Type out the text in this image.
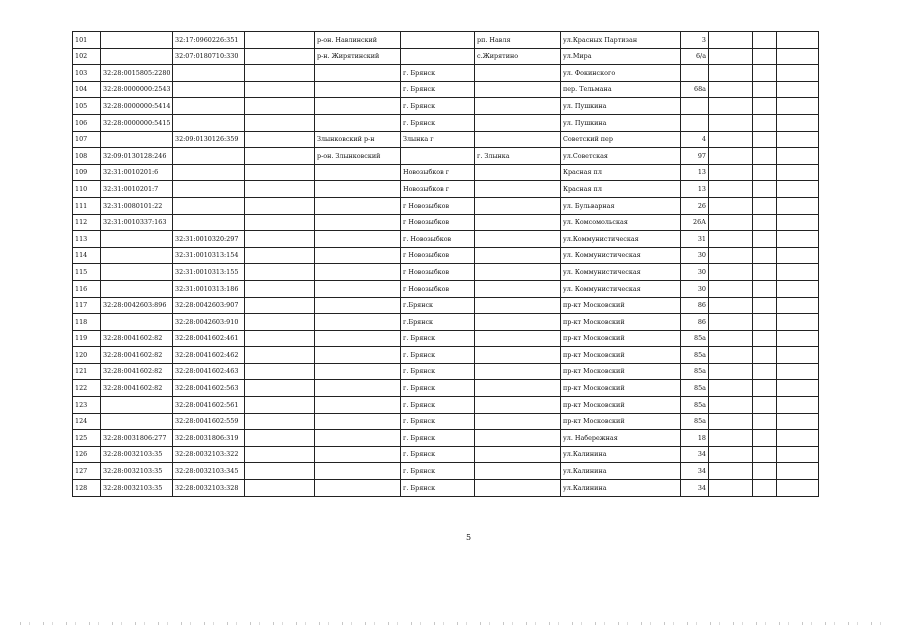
101		32:17:0960226:351		р-он. Навлинский		рп. Навля	ул.Красных Партизан	3			
102		32:07:0180710:330		р-н. Жирятинский		с.Жирятино	ул.Мира	6/а			
103	32:28:0015805:2280				г. Брянск		ул. Фокинского				
104	32:28:0000000:2543				г. Брянск		пер. Тельмана	68а			
105	32:28:0000000:5414				г. Брянск		ул. Пушкина				
106	32:28:0000000:5415				г. Брянск		ул. Пушкина				
107		32:09:0130126:359		Злынковский р-н	Злынка г		Советский пер	4			
108	32:09:0130128:246			р-он. Злынковский		г. Злынка	ул.Советская	97			
109	32:31:0010201:6				Новозыбков г		Красная пл	13			
110	32:31:0010201:7				Новозыбков г		Красная пл	13			
111	32:31:0080101:22				г Новозыбков		ул. Бульварная	26			
112	32:31:0010337:163				г Новозыбков		ул. Комсомольская	26А			
113		32:31:0010320:297			г. Новозыбков		ул.Коммунистическая	31			
114		32:31:0010313:154			г Новозыбков		ул. Коммунистическая	30			
115		32:31:0010313:155			г Новозыбков		ул. Коммунистическая	30			
116		32:31:0010313:186			г Новозыбков		ул. Коммунистическая	30			
117	32:28:0042603:896	32:28:0042603:907			г.Брянск		пр-кт Московский	86			
118		32:28:0042603:910			г.Брянск		пр-кт Московский	86			
119	32:28:0041602:82	32:28:0041602:461			г. Брянск		пр-кт Московский	85а			
120	32:28:0041602:82	32:28:0041602:462			г. Брянск		пр-кт Московский	85а			
121	32:28:0041602:82	32:28:0041602:463			г. Брянск		пр-кт Московский	85а			
122	32:28:0041602:82	32:28:0041602:563			г. Брянск		пр-кт Московский	85а			
123		32:28:0041602:561			г. Брянск		пр-кт Московский	85а			
124		32:28:0041602:559			г. Брянск		пр-кт Московский	85а			
125	32:28:0031806:277	32:28:0031806:319			г. Брянск		ул. Набережная	18			
126	32:28:0032103:35	32:28:0032103:322			г. Брянск		ул.Калинина	34			
127	32:28:0032103:35	32:28:0032103:345			г. Брянск		ул.Калинина	34			
128	32:28:0032103:35	32:28:0032103:328			г. Брянск		ул.Калинина	34			
5
